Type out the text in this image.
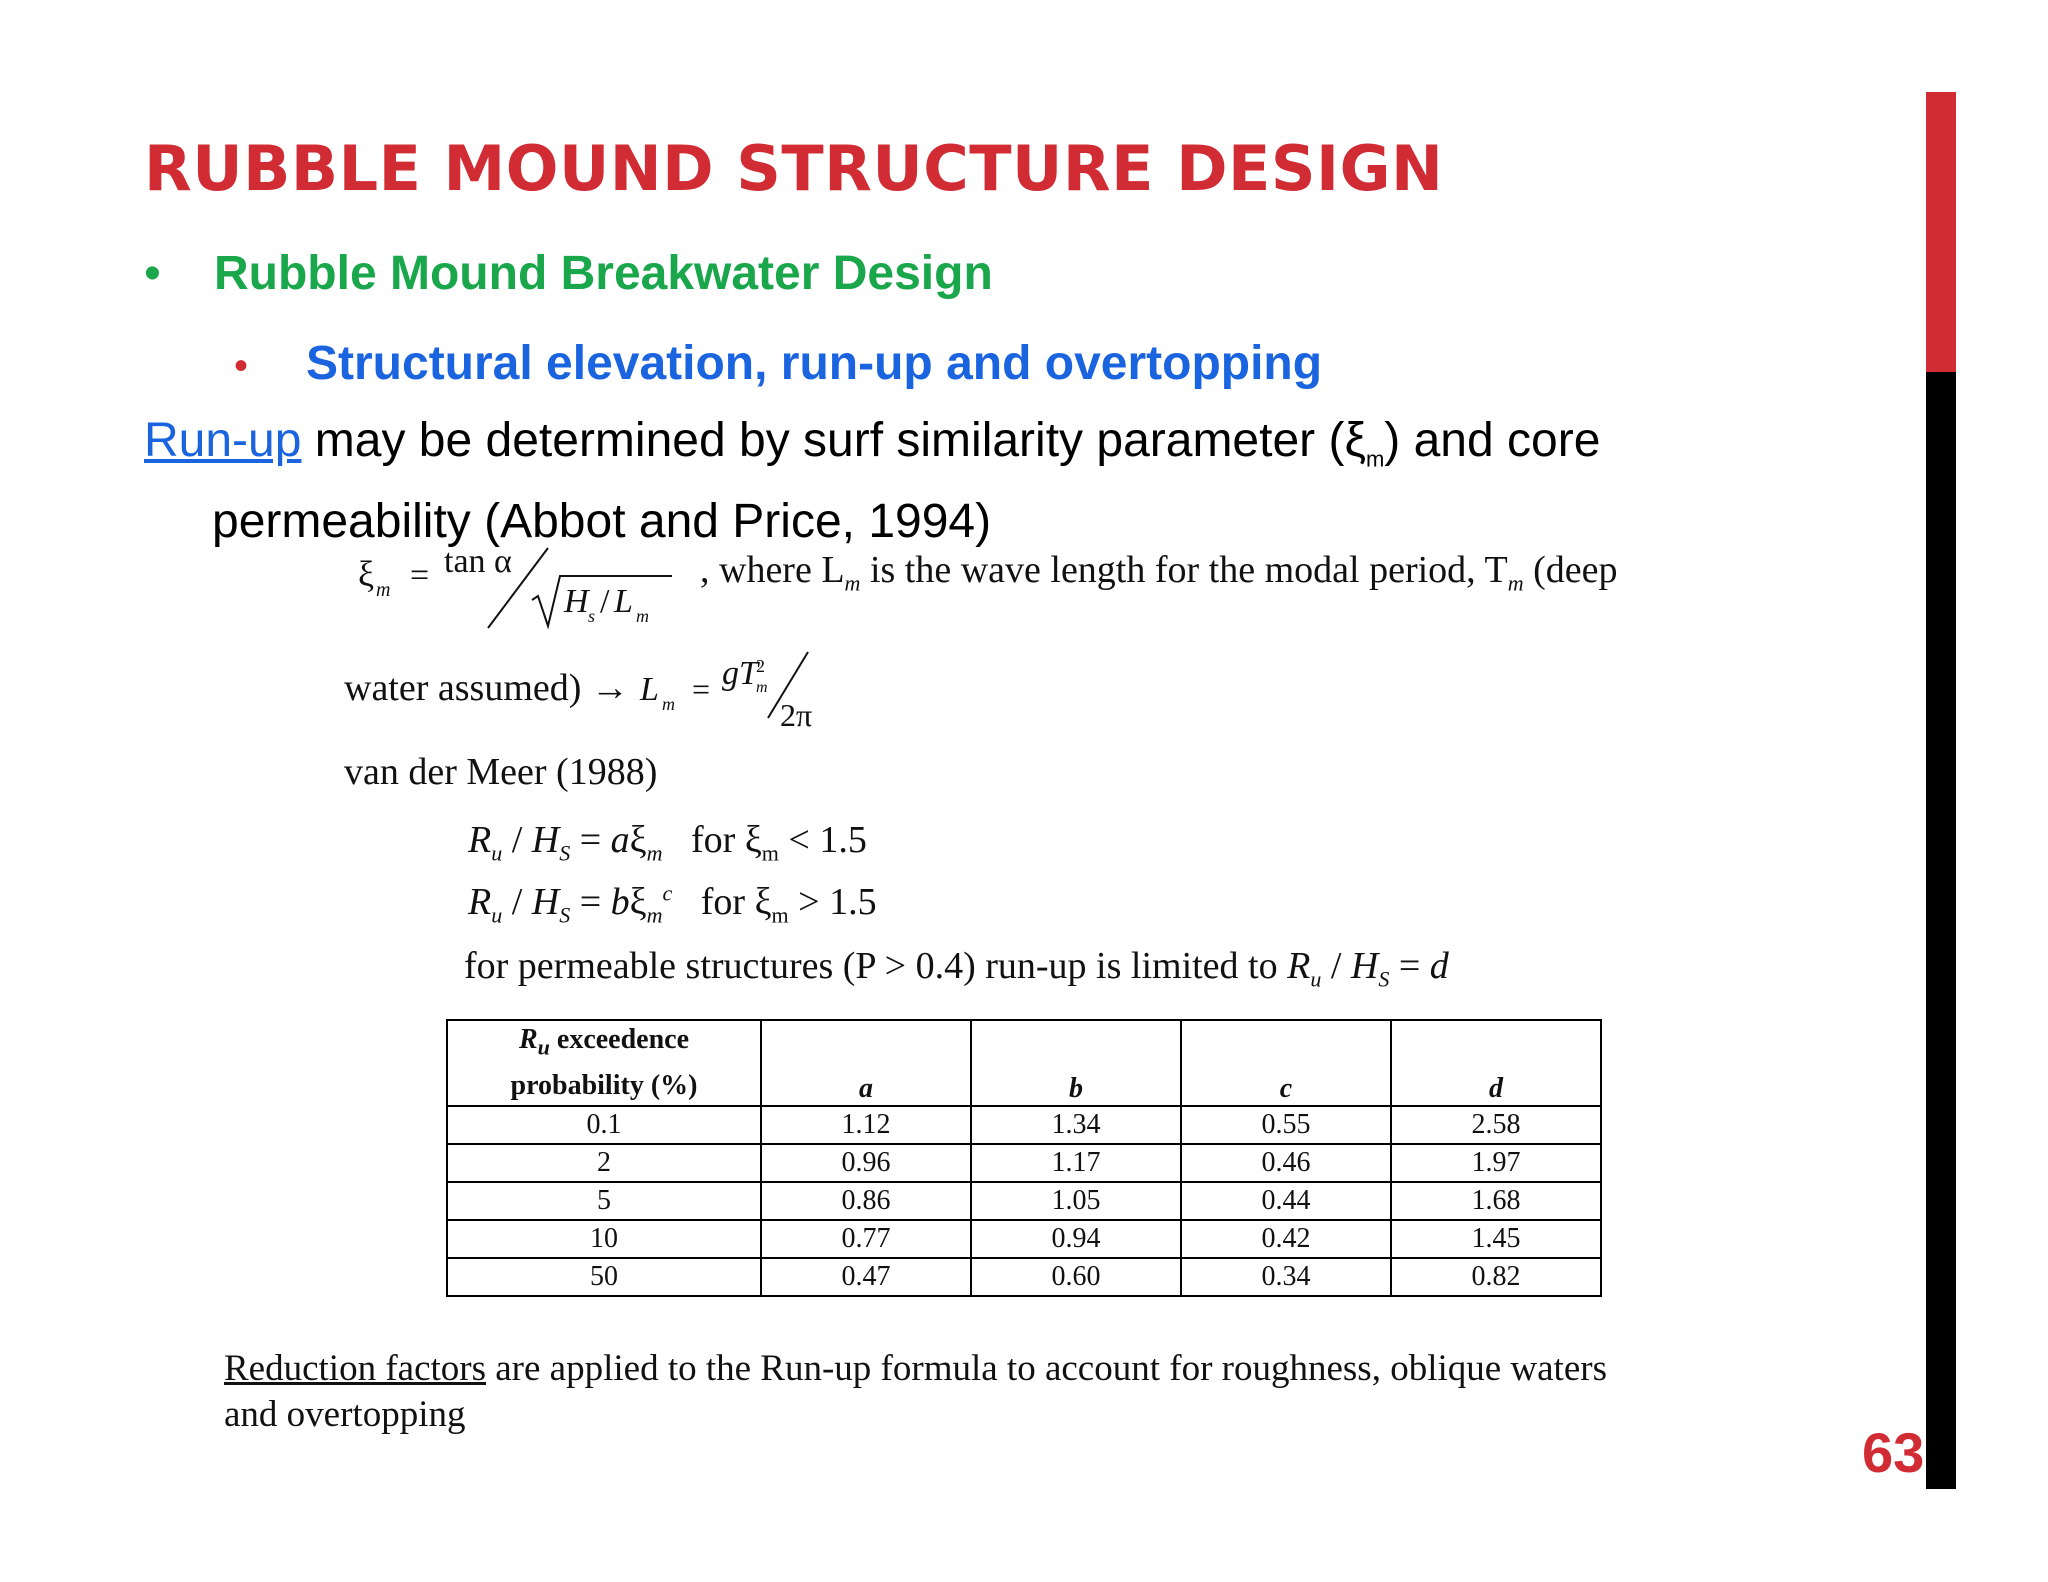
RUBBLE MOUND STRUCTURE DESIGN
• Rubble Mound Breakwater Design
• Structural elevation, run-up and overtopping
Run-up may be determined by surf similarity parameter $(\xi_m)$ and core
permeability (Abbot and Price, 1994)
ξ m = tan α
H s / L m
, where $L_m$ is the wave length for the modal period, $T_m$ (deep
water assumed) → L m = gT
2
m
2π
van der Meer (1988)
$R_u / H_S = a\xi_m$ for $\xi_m < 1.5$
$R_u / H_S = b\xi_m^c$ for $\xi_m > 1.5$
for permeable structures (P > 0.4) run-up is limited to $R_u / H_S = d$
$R_u$ exceedence
probability (%)	a	b	c	d
0.1	1.12	1.34	0.55	2.58
2	0.96	1.17	0.46	1.97
5	0.86	1.05	0.44	1.68
10	0.77	0.94	0.42	1.45
50	0.47	0.60	0.34	0.82
Reduction factors are applied to the Run-up formula to account for roughness, oblique waters and overtopping
63
